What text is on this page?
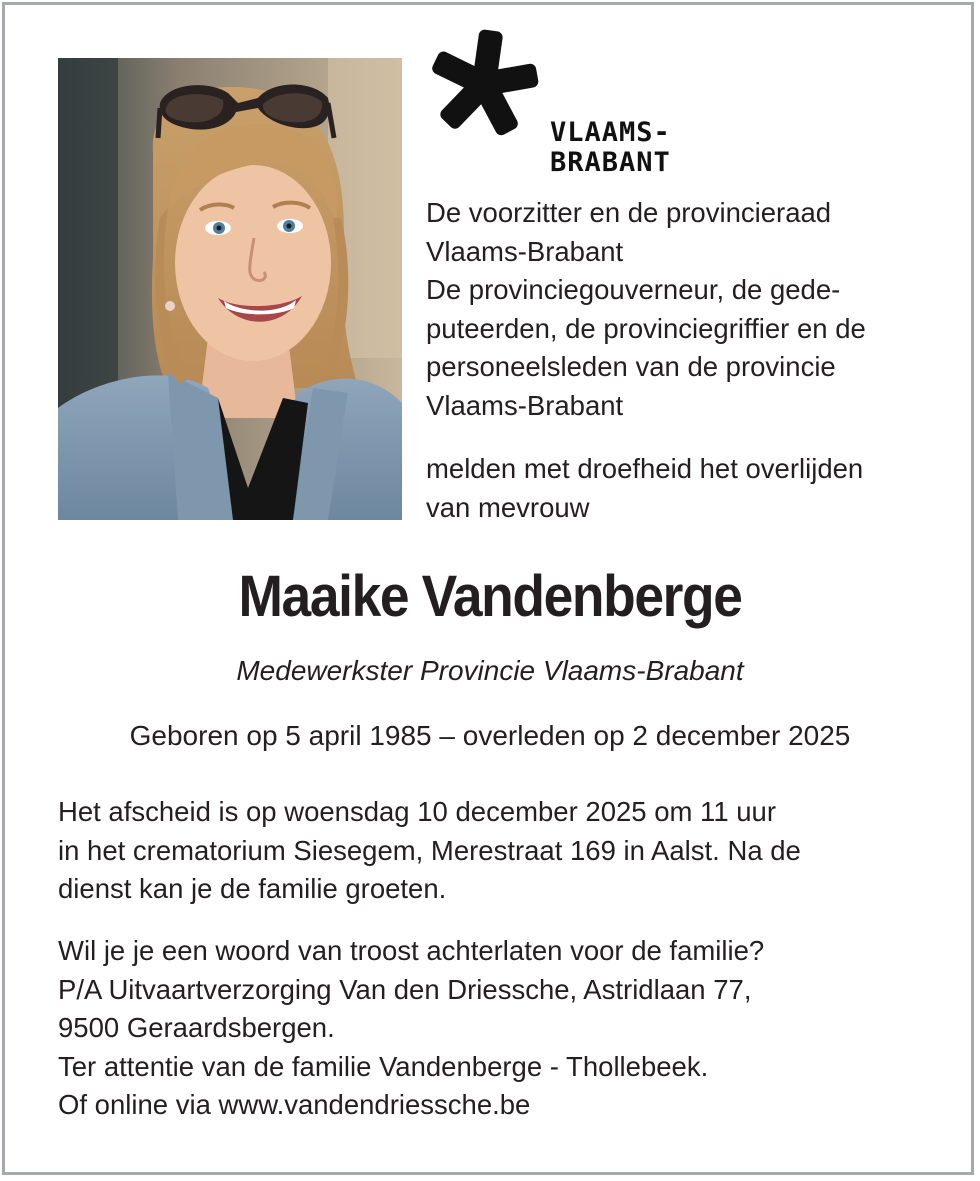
VLAAMS-
BRABANT
De voorzitter en de provincieraad
Vlaams-Brabant
De provinciegouverneur, de gede-
puteerden, de provinciegriffier en de
personeelsleden van de provincie
Vlaams-Brabant
melden met droefheid het overlijden
van mevrouw
Maaike Vandenberge
Medewerkster Provincie Vlaams-Brabant
Geboren op 5 april 1985 – overleden op 2 december 2025
Het afscheid is op woensdag 10 december 2025 om 11 uur
in het crematorium Siesegem, Merestraat 169 in Aalst. Na de
dienst kan je de familie groeten.
Wil je je een woord van troost achterlaten voor de familie?
P/A Uitvaartverzorging Van den Driessche, Astridlaan 77,
9500 Geraardsbergen.
Ter attentie van de familie Vandenberge - Thollebeek.
Of online via www.vandendriessche.be
